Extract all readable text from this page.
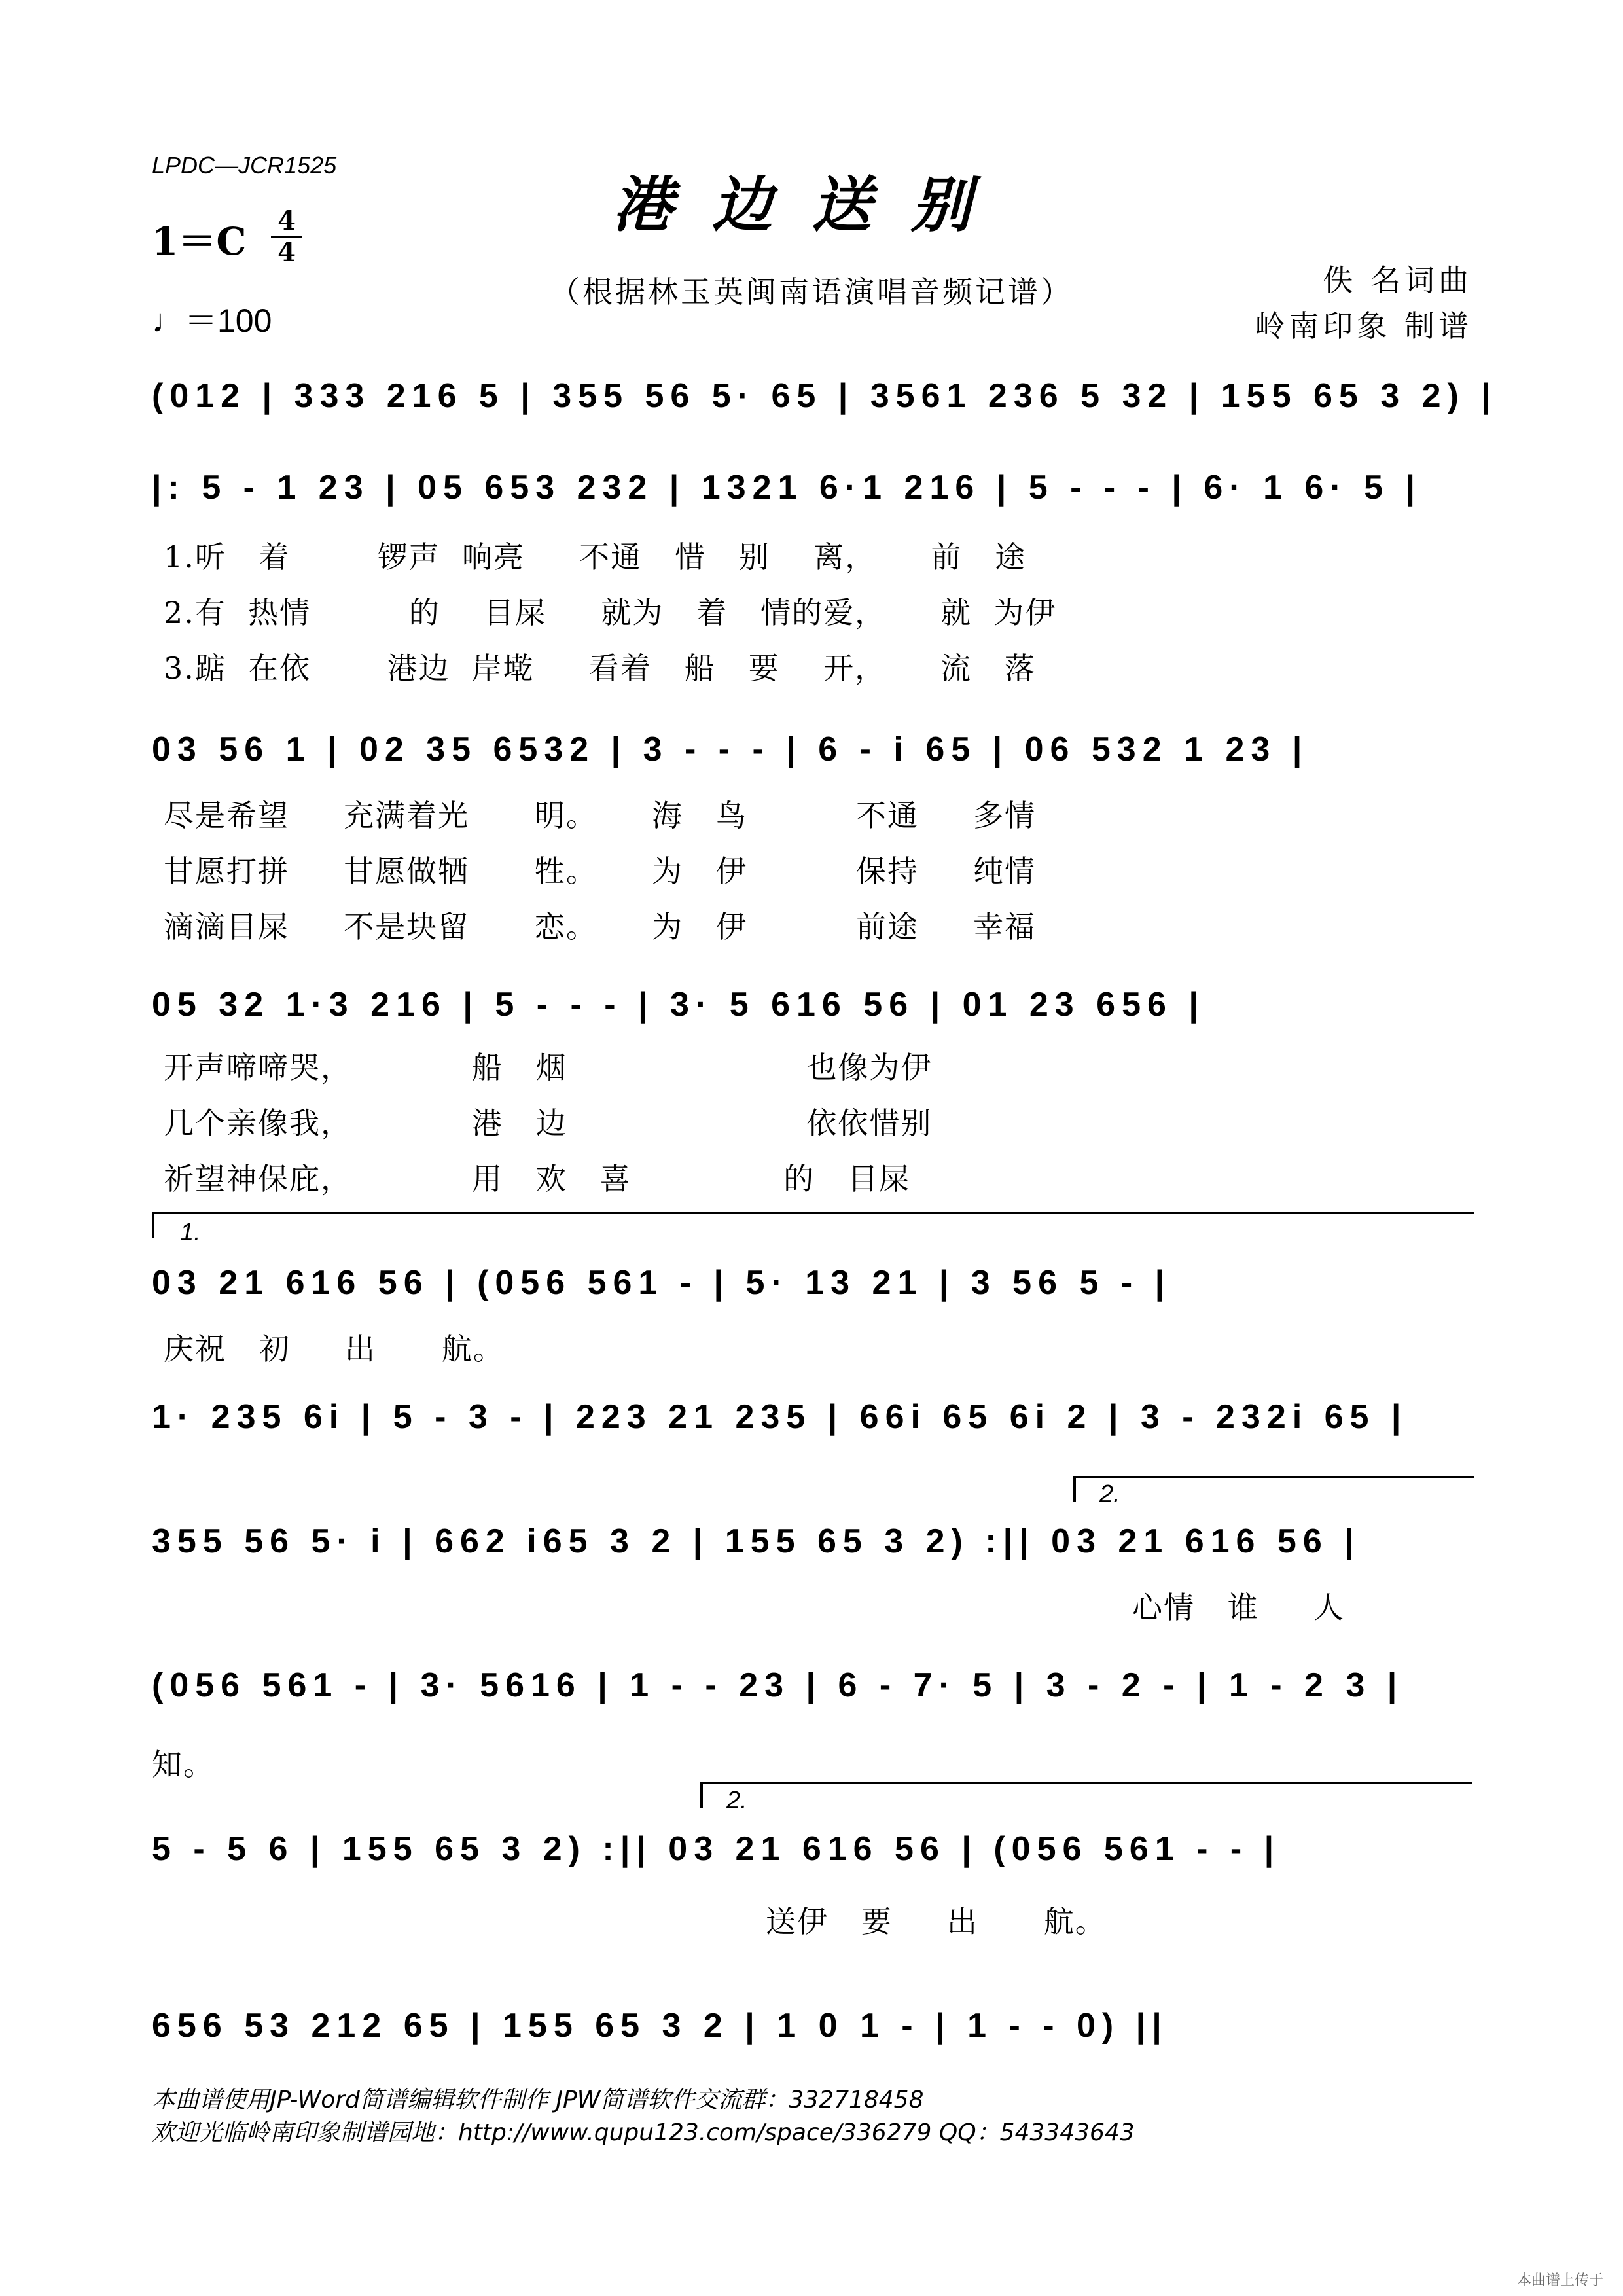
LPDC—JCR1525
港边送别
（根据林玉英闽南语演唱音频记谱）
1＝C	4
4
♩＝100
佚 名词曲
岭南印象 制谱
(012 | 333 216 5 | 355 56 5· 65 | 3561 236 5 32 | 155 65 3 2) |
|: 5 - 1 23 | 05 653 232 | 1321 6·1 216 | 5 - - - | 6· 1 6· 5 |
1.听   着        锣声  响亮     不通   惜   别    离，     前   途
2.有  热情         的    目屎     就为   着   情的爱，     就  为伊
3.踮  在依       港边  岸墘     看着   船   要    开，     流   落
03 56 1 | 02 35 6532 | 3 - - - | 6 - i 65 | 06 532 1 23 |
尽是希望     充满着光      明。     海   鸟          不通     多情
甘愿打拼     甘愿做牺      牲。     为   伊          保持     纯情
滴滴目屎     不是块留      恋。     为   伊          前途     幸福
05 32 1·3 216 | 5 - - - | 3· 5 616 56 | 01 23 656 |
开声啼啼哭，           船   烟                      也像为伊
几个亲像我，           港   边                      依依惜别
祈望神保庇，           用   欢   喜              的   目屎
1.
03 21 616 56 | (056 561 - | 5· 13 21 | 3 56 5 - |
庆祝   初     出      航。
1· 235 6i | 5 - 3 - | 223 21 235 | 66i 65 6i 2 | 3 - 232i 65 |
2.
355 56 5· i | 662 i65 3 2 | 155 65 3 2) :|| 03 21 616 56 |
心情   谁     人
(056 561 - | 3· 5616 | 1 - - 23 | 6 - 7· 5 | 3 - 2 - | 1 - 2 3 |
知。
2.
5 - 5 6 | 155 65 3 2) :|| 03 21 616 56 | (056 561 - - |
送伊   要     出      航。
656 53 212 65 | 155 65 3 2 | 1 0 1 - | 1 - - 0) ||
本曲谱使用JP-Word简谱编辑软件制作 JPW简谱软件交流群：332718458
欢迎光临岭南印象制谱园地：http://www.qupu123.com/space/336279 QQ：543343643
本曲谱上传于
